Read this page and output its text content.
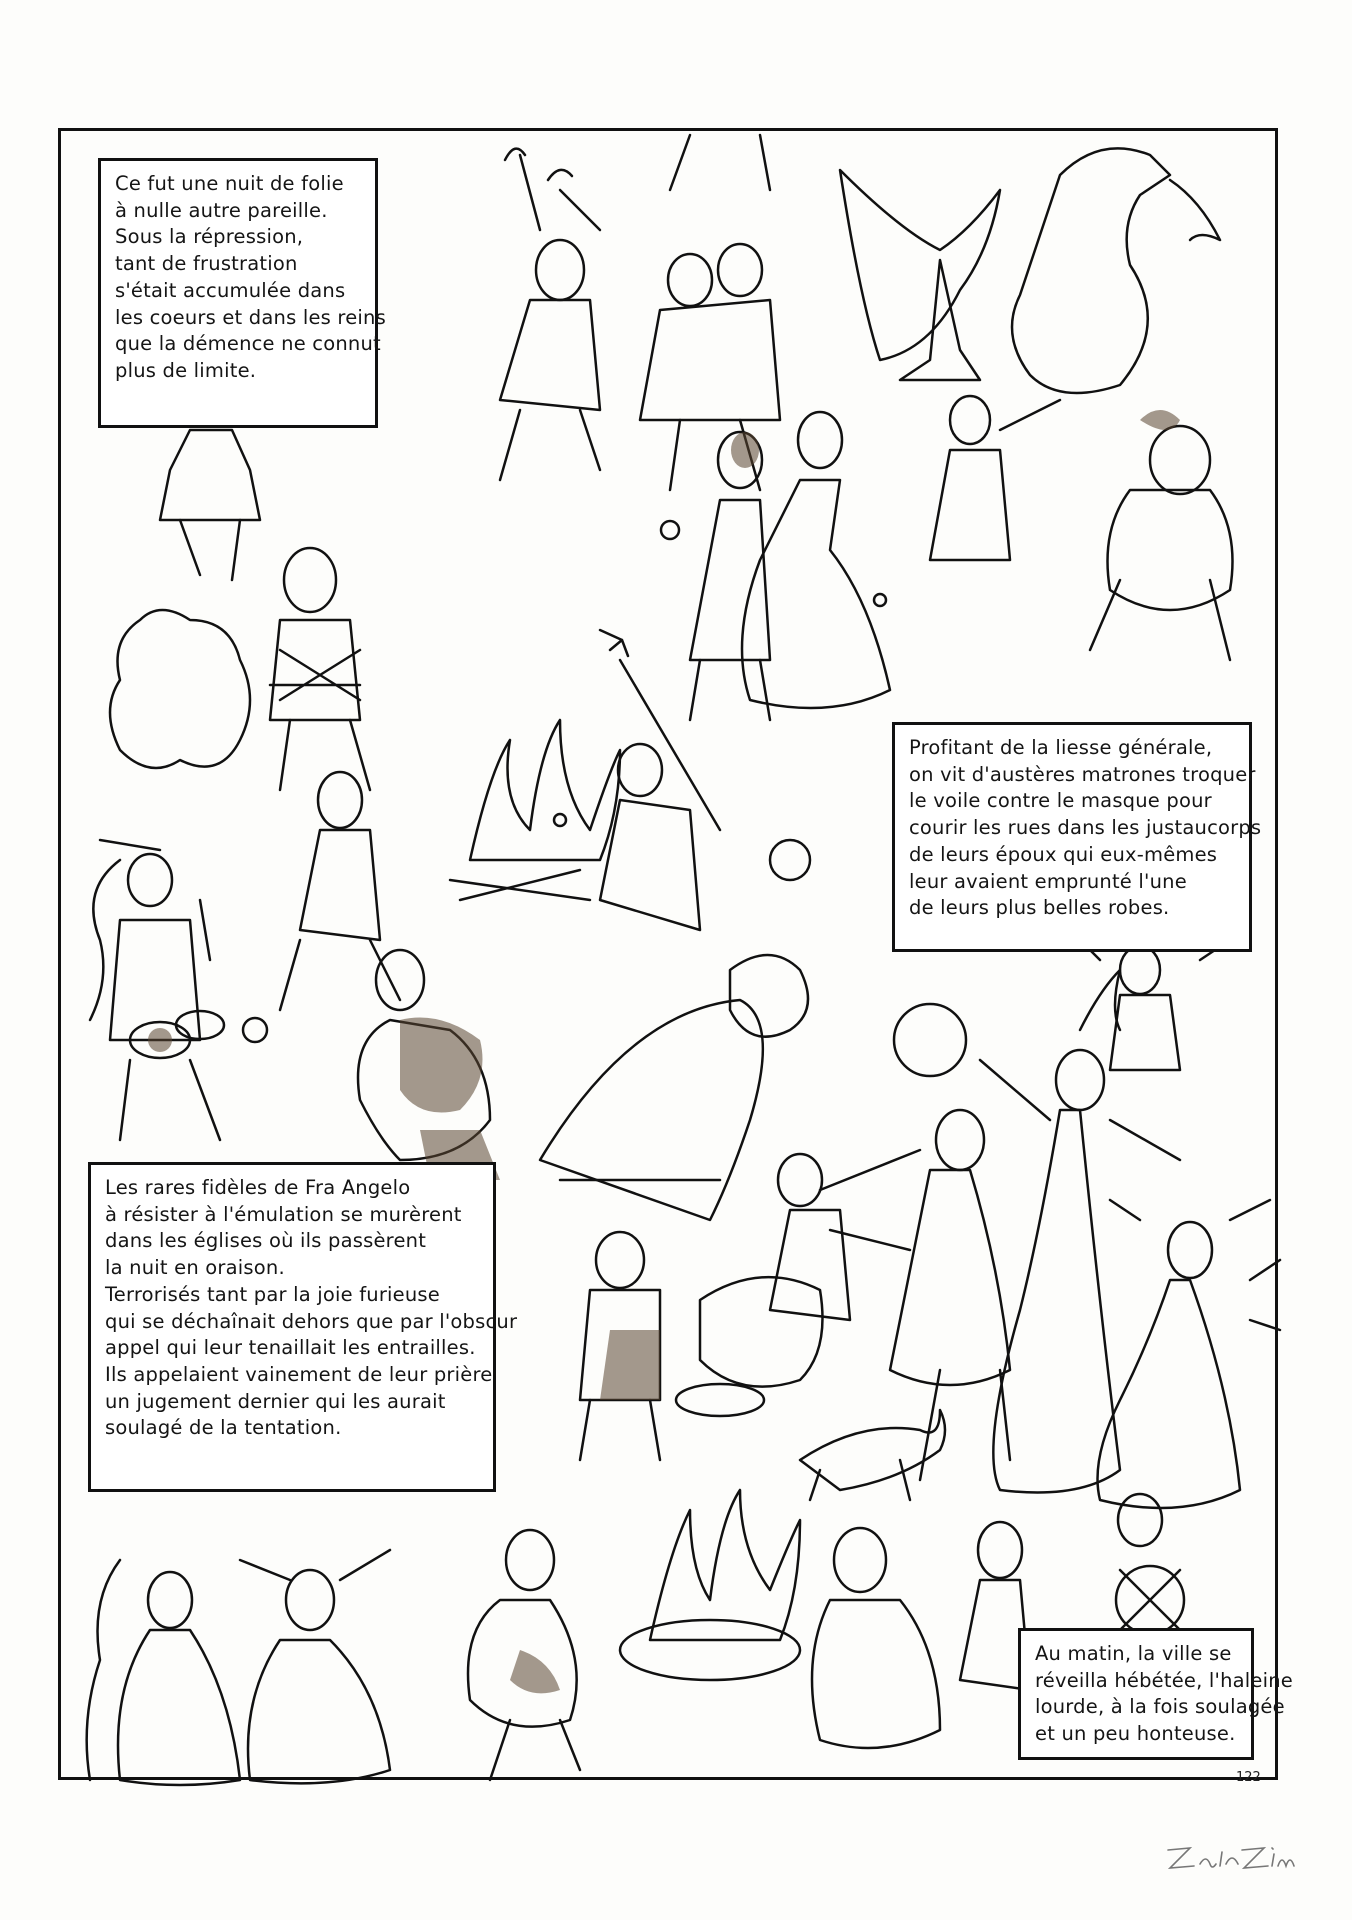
Ce fut une nuit de folie
à nulle autre pareille.
Sous la répression,
tant de frustration
s'était accumulée dans
les coeurs et dans les reins
que la démence ne connut
plus de limite.
Profitant de la liesse générale,
on vit d'austères matrones troquer
le voile contre le masque pour
courir les rues dans les justaucorps
de leurs époux qui eux-mêmes
leur avaient emprunté l'une
de leurs plus belles robes.
Les rares fidèles de Fra Angelo
à résister à l'émulation se murèrent
dans les églises où ils passèrent
la nuit en oraison.
Terrorisés tant par la joie furieuse
qui se déchaînait dehors que par l'obscur
appel qui leur tenaillait les entrailles.
Ils appelaient vainement de leur prière
un jugement dernier qui les aurait
soulagé de la tentation.
Au matin, la ville se
réveilla hébétée, l'haleine
lourde, à la fois soulagée
et un peu honteuse.
122
